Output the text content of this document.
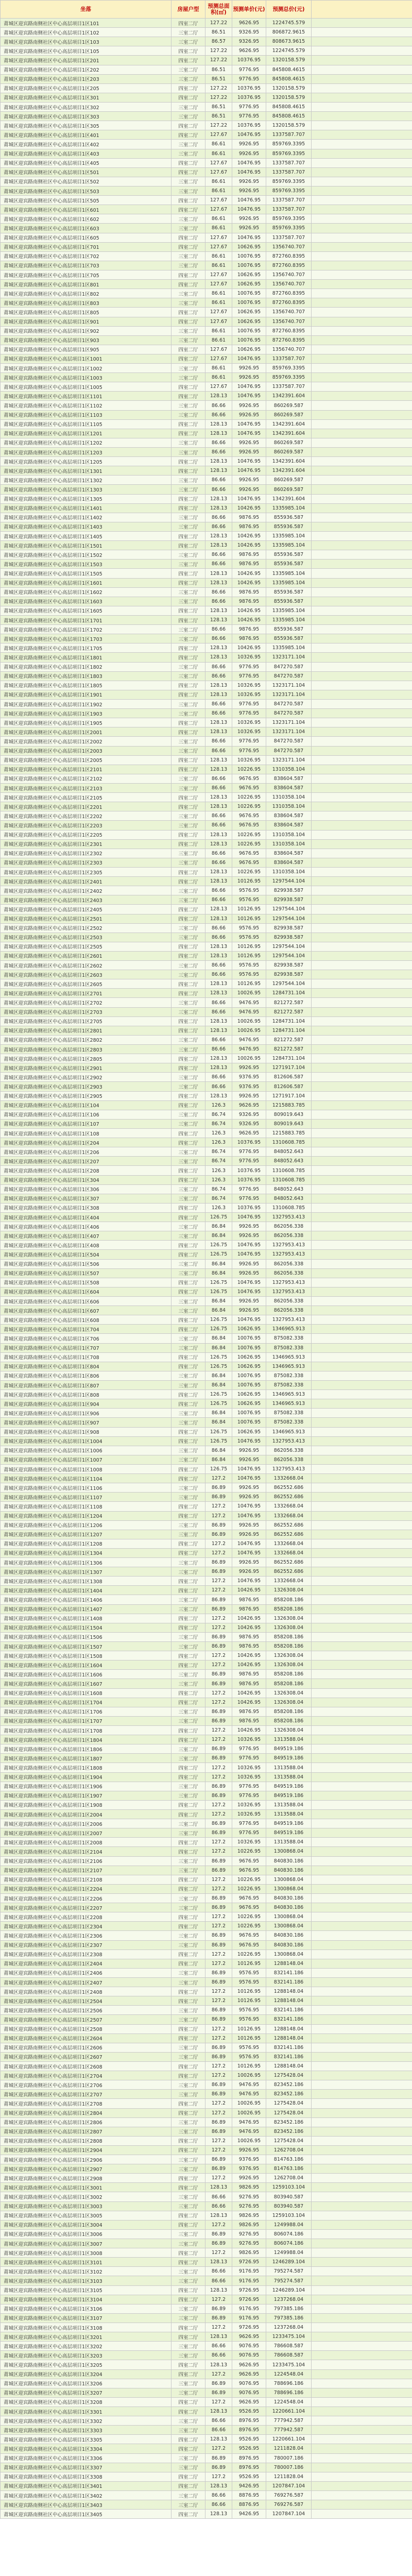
坐落	房屋户型	预测总面积(㎡)	预测单价(元)	预测总价(元)	
莆城区迎宾路南侧社区中心高层项目1区101	四室二厅	127.22	9626.95	1224745.579	
莆城区迎宾路南侧社区中心高层项目1区102	三室二厅	86.51	9326.95	806872.9615	
莆城区迎宾路南侧社区中心高层项目1区103	三室二厅	86.57	9326.95	808673.9615	
莆城区迎宾路南侧社区中心高层项目1区105	四室二厅	127.22	9626.95	1224745.579	
莆城区迎宾路南侧社区中心高层项目1区201	四室二厅	127.22	10376.95	1320158.579	
莆城区迎宾路南侧社区中心高层项目1区202	三室二厅	86.51	9776.95	845808.4615	
莆城区迎宾路南侧社区中心高层项目1区203	三室二厅	86.51	9776.95	845808.4615	
莆城区迎宾路南侧社区中心高层项目1区205	四室二厅	127.22	10376.95	1320158.579	
莆城区迎宾路南侧社区中心高层项目1区301	四室二厅	127.22	10376.95	1320158.579	
莆城区迎宾路南侧社区中心高层项目1区302	三室二厅	86.51	9776.95	845808.4615	
莆城区迎宾路南侧社区中心高层项目1区303	三室二厅	86.51	9776.95	845808.4615	
莆城区迎宾路南侧社区中心高层项目1区305	四室二厅	127.22	10376.95	1320158.579	
莆城区迎宾路南侧社区中心高层项目1区401	四室二厅	127.67	10476.95	1337587.707	
莆城区迎宾路南侧社区中心高层项目1区402	三室二厅	86.61	9926.95	859769.3395	
莆城区迎宾路南侧社区中心高层项目1区403	三室二厅	86.61	9926.95	859769.3395	
莆城区迎宾路南侧社区中心高层项目1区405	四室二厅	127.67	10476.95	1337587.707	
莆城区迎宾路南侧社区中心高层项目1区501	四室二厅	127.67	10476.95	1337587.707	
莆城区迎宾路南侧社区中心高层项目1区502	三室二厅	86.61	9926.95	859769.3395	
莆城区迎宾路南侧社区中心高层项目1区503	三室二厅	86.61	9926.95	859769.3395	
莆城区迎宾路南侧社区中心高层项目1区505	四室二厅	127.67	10476.95	1337587.707	
莆城区迎宾路南侧社区中心高层项目1区601	四室二厅	127.67	10476.95	1337587.707	
莆城区迎宾路南侧社区中心高层项目1区602	三室二厅	86.61	9926.95	859769.3395	
莆城区迎宾路南侧社区中心高层项目1区603	三室二厅	86.61	9926.95	859769.3395	
莆城区迎宾路南侧社区中心高层项目1区605	四室二厅	127.67	10476.95	1337587.707	
莆城区迎宾路南侧社区中心高层项目1区701	四室二厅	127.67	10626.95	1356740.707	
莆城区迎宾路南侧社区中心高层项目1区702	三室二厅	86.61	10076.95	872760.8395	
莆城区迎宾路南侧社区中心高层项目1区703	三室二厅	86.61	10076.95	872760.8395	
莆城区迎宾路南侧社区中心高层项目1区705	四室二厅	127.67	10626.95	1356740.707	
莆城区迎宾路南侧社区中心高层项目1区801	四室二厅	127.67	10626.95	1356740.707	
莆城区迎宾路南侧社区中心高层项目1区802	三室二厅	86.61	10076.95	872760.8395	
莆城区迎宾路南侧社区中心高层项目1区803	三室二厅	86.61	10076.95	872760.8395	
莆城区迎宾路南侧社区中心高层项目1区805	四室二厅	127.67	10626.95	1356740.707	
莆城区迎宾路南侧社区中心高层项目1区901	四室二厅	127.67	10626.95	1356740.707	
莆城区迎宾路南侧社区中心高层项目1区902	三室二厅	86.61	10076.95	872760.8395	
莆城区迎宾路南侧社区中心高层项目1区903	三室二厅	86.61	10076.95	872760.8395	
莆城区迎宾路南侧社区中心高层项目1区905	四室二厅	127.67	10626.95	1356740.707	
莆城区迎宾路南侧社区中心高层项目1区1001	四室二厅	127.67	10476.95	1337587.707	
莆城区迎宾路南侧社区中心高层项目1区1002	三室二厅	86.61	9926.95	859769.3395	
莆城区迎宾路南侧社区中心高层项目1区1003	三室二厅	86.61	9926.95	859769.3395	
莆城区迎宾路南侧社区中心高层项目1区1005	四室二厅	127.67	10476.95	1337587.707	
莆城区迎宾路南侧社区中心高层项目1区1101	四室二厅	128.13	10476.95	1342391.604	
莆城区迎宾路南侧社区中心高层项目1区1102	三室二厅	86.66	9926.95	860269.587	
莆城区迎宾路南侧社区中心高层项目1区1103	三室二厅	86.66	9926.95	860269.587	
莆城区迎宾路南侧社区中心高层项目1区1105	四室二厅	128.13	10476.95	1342391.604	
莆城区迎宾路南侧社区中心高层项目1区1201	四室二厅	128.13	10476.95	1342391.604	
莆城区迎宾路南侧社区中心高层项目1区1202	三室二厅	86.66	9926.95	860269.587	
莆城区迎宾路南侧社区中心高层项目1区1203	三室二厅	86.66	9926.95	860269.587	
莆城区迎宾路南侧社区中心高层项目1区1205	四室二厅	128.13	10476.95	1342391.604	
莆城区迎宾路南侧社区中心高层项目1区1301	四室二厅	128.13	10476.95	1342391.604	
莆城区迎宾路南侧社区中心高层项目1区1302	三室二厅	86.66	9926.95	860269.587	
莆城区迎宾路南侧社区中心高层项目1区1303	三室二厅	86.66	9926.95	860269.587	
莆城区迎宾路南侧社区中心高层项目1区1305	四室二厅	128.13	10476.95	1342391.604	
莆城区迎宾路南侧社区中心高层项目1区1401	四室二厅	128.13	10426.95	1335985.104	
莆城区迎宾路南侧社区中心高层项目1区1402	三室二厅	86.66	9876.95	855936.587	
莆城区迎宾路南侧社区中心高层项目1区1403	三室二厅	86.66	9876.95	855936.587	
莆城区迎宾路南侧社区中心高层项目1区1405	四室二厅	128.13	10426.95	1335985.104	
莆城区迎宾路南侧社区中心高层项目1区1501	四室二厅	128.13	10426.95	1335985.104	
莆城区迎宾路南侧社区中心高层项目1区1502	三室二厅	86.66	9876.95	855936.587	
莆城区迎宾路南侧社区中心高层项目1区1503	三室二厅	86.66	9876.95	855936.587	
莆城区迎宾路南侧社区中心高层项目1区1505	四室二厅	128.13	10426.95	1335985.104	
莆城区迎宾路南侧社区中心高层项目1区1601	四室二厅	128.13	10426.95	1335985.104	
莆城区迎宾路南侧社区中心高层项目1区1602	三室二厅	86.66	9876.95	855936.587	
莆城区迎宾路南侧社区中心高层项目1区1603	三室二厅	86.66	9876.95	855936.587	
莆城区迎宾路南侧社区中心高层项目1区1605	四室二厅	128.13	10426.95	1335985.104	
莆城区迎宾路南侧社区中心高层项目1区1701	四室二厅	128.13	10426.95	1335985.104	
莆城区迎宾路南侧社区中心高层项目1区1702	三室二厅	86.66	9876.95	855936.587	
莆城区迎宾路南侧社区中心高层项目1区1703	三室二厅	86.66	9876.95	855936.587	
莆城区迎宾路南侧社区中心高层项目1区1705	四室二厅	128.13	10426.95	1335985.104	
莆城区迎宾路南侧社区中心高层项目1区1801	四室二厅	128.13	10326.95	1323171.104	
莆城区迎宾路南侧社区中心高层项目1区1802	三室二厅	86.66	9776.95	847270.587	
莆城区迎宾路南侧社区中心高层项目1区1803	三室二厅	86.66	9776.95	847270.587	
莆城区迎宾路南侧社区中心高层项目1区1805	四室二厅	128.13	10326.95	1323171.104	
莆城区迎宾路南侧社区中心高层项目1区1901	四室二厅	128.13	10326.95	1323171.104	
莆城区迎宾路南侧社区中心高层项目1区1902	三室二厅	86.66	9776.95	847270.587	
莆城区迎宾路南侧社区中心高层项目1区1903	三室二厅	86.66	9776.95	847270.587	
莆城区迎宾路南侧社区中心高层项目1区1905	四室二厅	128.13	10326.95	1323171.104	
莆城区迎宾路南侧社区中心高层项目1区2001	四室二厅	128.13	10326.95	1323171.104	
莆城区迎宾路南侧社区中心高层项目1区2002	三室二厅	86.66	9776.95	847270.587	
莆城区迎宾路南侧社区中心高层项目1区2003	三室二厅	86.66	9776.95	847270.587	
莆城区迎宾路南侧社区中心高层项目1区2005	四室二厅	128.13	10326.95	1323171.104	
莆城区迎宾路南侧社区中心高层项目1区2101	四室二厅	128.13	10226.95	1310358.104	
莆城区迎宾路南侧社区中心高层项目1区2102	三室二厅	86.66	9676.95	838604.587	
莆城区迎宾路南侧社区中心高层项目1区2103	三室二厅	86.66	9676.95	838604.587	
莆城区迎宾路南侧社区中心高层项目1区2105	四室二厅	128.13	10226.95	1310358.104	
莆城区迎宾路南侧社区中心高层项目1区2201	四室二厅	128.13	10226.95	1310358.104	
莆城区迎宾路南侧社区中心高层项目1区2202	三室二厅	86.66	9676.95	838604.587	
莆城区迎宾路南侧社区中心高层项目1区2203	三室二厅	86.66	9676.95	838604.587	
莆城区迎宾路南侧社区中心高层项目1区2205	四室二厅	128.13	10226.95	1310358.104	
莆城区迎宾路南侧社区中心高层项目1区2301	四室二厅	128.13	10226.95	1310358.104	
莆城区迎宾路南侧社区中心高层项目1区2302	三室二厅	86.66	9676.95	838604.587	
莆城区迎宾路南侧社区中心高层项目1区2303	三室二厅	86.66	9676.95	838604.587	
莆城区迎宾路南侧社区中心高层项目1区2305	四室二厅	128.13	10226.95	1310358.104	
莆城区迎宾路南侧社区中心高层项目1区2401	四室二厅	128.13	10126.95	1297544.104	
莆城区迎宾路南侧社区中心高层项目1区2402	三室二厅	86.66	9576.95	829938.587	
莆城区迎宾路南侧社区中心高层项目1区2403	三室二厅	86.66	9576.95	829938.587	
莆城区迎宾路南侧社区中心高层项目1区2405	四室二厅	128.13	10126.95	1297544.104	
莆城区迎宾路南侧社区中心高层项目1区2501	四室二厅	128.13	10126.95	1297544.104	
莆城区迎宾路南侧社区中心高层项目1区2502	三室二厅	86.66	9576.95	829938.587	
莆城区迎宾路南侧社区中心高层项目1区2503	三室二厅	86.66	9576.95	829938.587	
莆城区迎宾路南侧社区中心高层项目1区2505	四室二厅	128.13	10126.95	1297544.104	
莆城区迎宾路南侧社区中心高层项目1区2601	四室二厅	128.13	10126.95	1297544.104	
莆城区迎宾路南侧社区中心高层项目1区2602	三室二厅	86.66	9576.95	829938.587	
莆城区迎宾路南侧社区中心高层项目1区2603	三室二厅	86.66	9576.95	829938.587	
莆城区迎宾路南侧社区中心高层项目1区2605	四室二厅	128.13	10126.95	1297544.104	
莆城区迎宾路南侧社区中心高层项目1区2701	四室二厅	128.13	10026.95	1284731.104	
莆城区迎宾路南侧社区中心高层项目1区2702	三室二厅	86.66	9476.95	821272.587	
莆城区迎宾路南侧社区中心高层项目1区2703	三室二厅	86.66	9476.95	821272.587	
莆城区迎宾路南侧社区中心高层项目1区2705	四室二厅	128.13	10026.95	1284731.104	
莆城区迎宾路南侧社区中心高层项目1区2801	四室二厅	128.13	10026.95	1284731.104	
莆城区迎宾路南侧社区中心高层项目1区2802	三室二厅	86.66	9476.95	821272.587	
莆城区迎宾路南侧社区中心高层项目1区2803	三室二厅	86.66	9476.95	821272.587	
莆城区迎宾路南侧社区中心高层项目1区2805	四室二厅	128.13	10026.95	1284731.104	
莆城区迎宾路南侧社区中心高层项目1区2901	四室二厅	128.13	9926.95	1271917.104	
莆城区迎宾路南侧社区中心高层项目1区2902	三室二厅	86.66	9376.95	812606.587	
莆城区迎宾路南侧社区中心高层项目1区2903	三室二厅	86.66	9376.95	812606.587	
莆城区迎宾路南侧社区中心高层项目1区2905	四室二厅	128.13	9926.95	1271917.104	
莆城区迎宾路南侧社区中心高层项目1区104	四室二厅	126.3	9626.95	1215883.785	
莆城区迎宾路南侧社区中心高层项目1区106	三室二厅	86.74	9326.95	809019.643	
莆城区迎宾路南侧社区中心高层项目1区107	三室二厅	86.74	9326.95	809019.643	
莆城区迎宾路南侧社区中心高层项目1区108	四室二厅	126.3	9626.95	1215883.785	
莆城区迎宾路南侧社区中心高层项目1区204	四室二厅	126.3	10376.95	1310608.785	
莆城区迎宾路南侧社区中心高层项目1区206	三室二厅	86.74	9776.95	848052.643	
莆城区迎宾路南侧社区中心高层项目1区207	三室二厅	86.74	9776.95	848052.643	
莆城区迎宾路南侧社区中心高层项目1区208	四室二厅	126.3	10376.95	1310608.785	
莆城区迎宾路南侧社区中心高层项目1区304	四室二厅	126.3	10376.95	1310608.785	
莆城区迎宾路南侧社区中心高层项目1区306	三室二厅	86.74	9776.95	848052.643	
莆城区迎宾路南侧社区中心高层项目1区307	三室二厅	86.74	9776.95	848052.643	
莆城区迎宾路南侧社区中心高层项目1区308	四室二厅	126.3	10376.95	1310608.785	
莆城区迎宾路南侧社区中心高层项目1区404	四室二厅	126.75	10476.95	1327953.413	
莆城区迎宾路南侧社区中心高层项目1区406	三室二厅	86.84	9926.95	862056.338	
莆城区迎宾路南侧社区中心高层项目1区407	三室二厅	86.84	9926.95	862056.338	
莆城区迎宾路南侧社区中心高层项目1区408	四室二厅	126.75	10476.95	1327953.413	
莆城区迎宾路南侧社区中心高层项目1区504	四室二厅	126.75	10476.95	1327953.413	
莆城区迎宾路南侧社区中心高层项目1区506	三室二厅	86.84	9926.95	862056.338	
莆城区迎宾路南侧社区中心高层项目1区507	三室二厅	86.84	9926.95	862056.338	
莆城区迎宾路南侧社区中心高层项目1区508	四室二厅	126.75	10476.95	1327953.413	
莆城区迎宾路南侧社区中心高层项目1区604	四室二厅	126.75	10476.95	1327953.413	
莆城区迎宾路南侧社区中心高层项目1区606	三室二厅	86.84	9926.95	862056.338	
莆城区迎宾路南侧社区中心高层项目1区607	三室二厅	86.84	9926.95	862056.338	
莆城区迎宾路南侧社区中心高层项目1区608	四室二厅	126.75	10476.95	1327953.413	
莆城区迎宾路南侧社区中心高层项目1区704	四室二厅	126.75	10626.95	1346965.913	
莆城区迎宾路南侧社区中心高层项目1区706	三室二厅	86.84	10076.95	875082.338	
莆城区迎宾路南侧社区中心高层项目1区707	三室二厅	86.84	10076.95	875082.338	
莆城区迎宾路南侧社区中心高层项目1区708	四室二厅	126.75	10626.95	1346965.913	
莆城区迎宾路南侧社区中心高层项目1区804	四室二厅	126.75	10626.95	1346965.913	
莆城区迎宾路南侧社区中心高层项目1区806	三室二厅	86.84	10076.95	875082.338	
莆城区迎宾路南侧社区中心高层项目1区807	三室二厅	86.84	10076.95	875082.338	
莆城区迎宾路南侧社区中心高层项目1区808	四室二厅	126.75	10626.95	1346965.913	
莆城区迎宾路南侧社区中心高层项目1区904	四室二厅	126.75	10626.95	1346965.913	
莆城区迎宾路南侧社区中心高层项目1区906	三室二厅	86.84	10076.95	875082.338	
莆城区迎宾路南侧社区中心高层项目1区907	三室二厅	86.84	10076.95	875082.338	
莆城区迎宾路南侧社区中心高层项目1区908	四室二厅	126.75	10626.95	1346965.913	
莆城区迎宾路南侧社区中心高层项目1区1004	四室二厅	126.75	10476.95	1327953.413	
莆城区迎宾路南侧社区中心高层项目1区1006	三室二厅	86.84	9926.95	862056.338	
莆城区迎宾路南侧社区中心高层项目1区1007	三室二厅	86.84	9926.95	862056.338	
莆城区迎宾路南侧社区中心高层项目1区1008	四室二厅	126.75	10476.95	1327953.413	
莆城区迎宾路南侧社区中心高层项目1区1104	四室二厅	127.2	10476.95	1332668.04	
莆城区迎宾路南侧社区中心高层项目1区1106	三室二厅	86.89	9926.95	862552.686	
莆城区迎宾路南侧社区中心高层项目1区1107	三室二厅	86.89	9926.95	862552.686	
莆城区迎宾路南侧社区中心高层项目1区1108	四室二厅	127.2	10476.95	1332668.04	
莆城区迎宾路南侧社区中心高层项目1区1204	四室二厅	127.2	10476.95	1332668.04	
莆城区迎宾路南侧社区中心高层项目1区1206	三室二厅	86.89	9926.95	862552.686	
莆城区迎宾路南侧社区中心高层项目1区1207	三室二厅	86.89	9926.95	862552.686	
莆城区迎宾路南侧社区中心高层项目1区1208	四室二厅	127.2	10476.95	1332668.04	
莆城区迎宾路南侧社区中心高层项目1区1304	四室二厅	127.2	10476.95	1332668.04	
莆城区迎宾路南侧社区中心高层项目1区1306	三室二厅	86.89	9926.95	862552.686	
莆城区迎宾路南侧社区中心高层项目1区1307	三室二厅	86.89	9926.95	862552.686	
莆城区迎宾路南侧社区中心高层项目1区1308	四室二厅	127.2	10476.95	1332668.04	
莆城区迎宾路南侧社区中心高层项目1区1404	四室二厅	127.2	10426.95	1326308.04	
莆城区迎宾路南侧社区中心高层项目1区1406	三室二厅	86.89	9876.95	858208.186	
莆城区迎宾路南侧社区中心高层项目1区1407	三室二厅	86.89	9876.95	858208.186	
莆城区迎宾路南侧社区中心高层项目1区1408	四室二厅	127.2	10426.95	1326308.04	
莆城区迎宾路南侧社区中心高层项目1区1504	四室二厅	127.2	10426.95	1326308.04	
莆城区迎宾路南侧社区中心高层项目1区1506	三室二厅	86.89	9876.95	858208.186	
莆城区迎宾路南侧社区中心高层项目1区1507	三室二厅	86.89	9876.95	858208.186	
莆城区迎宾路南侧社区中心高层项目1区1508	四室二厅	127.2	10426.95	1326308.04	
莆城区迎宾路南侧社区中心高层项目1区1604	四室二厅	127.2	10426.95	1326308.04	
莆城区迎宾路南侧社区中心高层项目1区1606	三室二厅	86.89	9876.95	858208.186	
莆城区迎宾路南侧社区中心高层项目1区1607	三室二厅	86.89	9876.95	858208.186	
莆城区迎宾路南侧社区中心高层项目1区1608	四室二厅	127.2	10426.95	1326308.04	
莆城区迎宾路南侧社区中心高层项目1区1704	四室二厅	127.2	10426.95	1326308.04	
莆城区迎宾路南侧社区中心高层项目1区1706	三室二厅	86.89	9876.95	858208.186	
莆城区迎宾路南侧社区中心高层项目1区1707	三室二厅	86.89	9876.95	858208.186	
莆城区迎宾路南侧社区中心高层项目1区1708	四室二厅	127.2	10426.95	1326308.04	
莆城区迎宾路南侧社区中心高层项目1区1804	四室二厅	127.2	10326.95	1313588.04	
莆城区迎宾路南侧社区中心高层项目1区1806	三室二厅	86.89	9776.95	849519.186	
莆城区迎宾路南侧社区中心高层项目1区1807	三室二厅	86.89	9776.95	849519.186	
莆城区迎宾路南侧社区中心高层项目1区1808	四室二厅	127.2	10326.95	1313588.04	
莆城区迎宾路南侧社区中心高层项目1区1904	四室二厅	127.2	10326.95	1313588.04	
莆城区迎宾路南侧社区中心高层项目1区1906	三室二厅	86.89	9776.95	849519.186	
莆城区迎宾路南侧社区中心高层项目1区1907	三室二厅	86.89	9776.95	849519.186	
莆城区迎宾路南侧社区中心高层项目1区1908	四室二厅	127.2	10326.95	1313588.04	
莆城区迎宾路南侧社区中心高层项目1区2004	四室二厅	127.2	10326.95	1313588.04	
莆城区迎宾路南侧社区中心高层项目1区2006	三室二厅	86.89	9776.95	849519.186	
莆城区迎宾路南侧社区中心高层项目1区2007	三室二厅	86.89	9776.95	849519.186	
莆城区迎宾路南侧社区中心高层项目1区2008	四室二厅	127.2	10326.95	1313588.04	
莆城区迎宾路南侧社区中心高层项目1区2104	四室二厅	127.2	10226.95	1300868.04	
莆城区迎宾路南侧社区中心高层项目1区2106	三室二厅	86.89	9676.95	840830.186	
莆城区迎宾路南侧社区中心高层项目1区2107	三室二厅	86.89	9676.95	840830.186	
莆城区迎宾路南侧社区中心高层项目1区2108	四室二厅	127.2	10226.95	1300868.04	
莆城区迎宾路南侧社区中心高层项目1区2204	四室二厅	127.2	10226.95	1300868.04	
莆城区迎宾路南侧社区中心高层项目1区2206	三室二厅	86.89	9676.95	840830.186	
莆城区迎宾路南侧社区中心高层项目1区2207	三室二厅	86.89	9676.95	840830.186	
莆城区迎宾路南侧社区中心高层项目1区2208	四室二厅	127.2	10226.95	1300868.04	
莆城区迎宾路南侧社区中心高层项目1区2304	四室二厅	127.2	10226.95	1300868.04	
莆城区迎宾路南侧社区中心高层项目1区2306	三室二厅	86.89	9676.95	840830.186	
莆城区迎宾路南侧社区中心高层项目1区2307	三室二厅	86.89	9676.95	840830.186	
莆城区迎宾路南侧社区中心高层项目1区2308	四室二厅	127.2	10226.95	1300868.04	
莆城区迎宾路南侧社区中心高层项目1区2404	四室二厅	127.2	10126.95	1288148.04	
莆城区迎宾路南侧社区中心高层项目1区2406	三室二厅	86.89	9576.95	832141.186	
莆城区迎宾路南侧社区中心高层项目1区2407	三室二厅	86.89	9576.95	832141.186	
莆城区迎宾路南侧社区中心高层项目1区2408	四室二厅	127.2	10126.95	1288148.04	
莆城区迎宾路南侧社区中心高层项目1区2504	四室二厅	127.2	10126.95	1288148.04	
莆城区迎宾路南侧社区中心高层项目1区2506	三室二厅	86.89	9576.95	832141.186	
莆城区迎宾路南侧社区中心高层项目1区2507	三室二厅	86.89	9576.95	832141.186	
莆城区迎宾路南侧社区中心高层项目1区2508	四室二厅	127.2	10126.95	1288148.04	
莆城区迎宾路南侧社区中心高层项目1区2604	四室二厅	127.2	10126.95	1288148.04	
莆城区迎宾路南侧社区中心高层项目1区2606	三室二厅	86.89	9576.95	832141.186	
莆城区迎宾路南侧社区中心高层项目1区2607	三室二厅	86.89	9576.95	832141.186	
莆城区迎宾路南侧社区中心高层项目1区2608	四室二厅	127.2	10126.95	1288148.04	
莆城区迎宾路南侧社区中心高层项目1区2704	四室二厅	127.2	10026.95	1275428.04	
莆城区迎宾路南侧社区中心高层项目1区2706	三室二厅	86.89	9476.95	823452.186	
莆城区迎宾路南侧社区中心高层项目1区2707	三室二厅	86.89	9476.95	823452.186	
莆城区迎宾路南侧社区中心高层项目1区2708	四室二厅	127.2	10026.95	1275428.04	
莆城区迎宾路南侧社区中心高层项目1区2804	四室二厅	127.2	10026.95	1275428.04	
莆城区迎宾路南侧社区中心高层项目1区2806	三室二厅	86.89	9476.95	823452.186	
莆城区迎宾路南侧社区中心高层项目1区2807	三室二厅	86.89	9476.95	823452.186	
莆城区迎宾路南侧社区中心高层项目1区2808	四室二厅	127.2	10026.95	1275428.04	
莆城区迎宾路南侧社区中心高层项目1区2904	四室二厅	127.2	9926.95	1262708.04	
莆城区迎宾路南侧社区中心高层项目1区2906	三室二厅	86.89	9376.95	814763.186	
莆城区迎宾路南侧社区中心高层项目1区2907	三室二厅	86.89	9376.95	814763.186	
莆城区迎宾路南侧社区中心高层项目1区2908	四室二厅	127.2	9926.95	1262708.04	
莆城区迎宾路南侧社区中心高层项目1区3001	四室二厅	128.13	9826.95	1259103.104	
莆城区迎宾路南侧社区中心高层项目1区3002	三室二厅	86.66	9276.95	803940.587	
莆城区迎宾路南侧社区中心高层项目1区3003	三室二厅	86.66	9276.95	803940.587	
莆城区迎宾路南侧社区中心高层项目1区3005	四室二厅	128.13	9826.95	1259103.104	
莆城区迎宾路南侧社区中心高层项目1区3004	四室二厅	127.2	9826.95	1249988.04	
莆城区迎宾路南侧社区中心高层项目1区3006	三室二厅	86.89	9276.95	806074.186	
莆城区迎宾路南侧社区中心高层项目1区3007	三室二厅	86.89	9276.95	806074.186	
莆城区迎宾路南侧社区中心高层项目1区3008	四室二厅	127.2	9826.95	1249988.04	
莆城区迎宾路南侧社区中心高层项目1区3101	四室二厅	128.13	9726.95	1246289.104	
莆城区迎宾路南侧社区中心高层项目1区3102	三室二厅	86.66	9176.95	795274.587	
莆城区迎宾路南侧社区中心高层项目1区3103	三室二厅	86.66	9176.95	795274.587	
莆城区迎宾路南侧社区中心高层项目1区3105	四室二厅	128.13	9726.95	1246289.104	
莆城区迎宾路南侧社区中心高层项目1区3104	四室二厅	127.2	9726.95	1237268.04	
莆城区迎宾路南侧社区中心高层项目1区3106	三室二厅	86.89	9176.95	797385.186	
莆城区迎宾路南侧社区中心高层项目1区3107	三室二厅	86.89	9176.95	797385.186	
莆城区迎宾路南侧社区中心高层项目1区3108	四室二厅	127.2	9726.95	1237268.04	
莆城区迎宾路南侧社区中心高层项目1区3201	四室二厅	128.13	9626.95	1233475.104	
莆城区迎宾路南侧社区中心高层项目1区3202	三室二厅	86.66	9076.95	786608.587	
莆城区迎宾路南侧社区中心高层项目1区3203	三室二厅	86.66	9076.95	786608.587	
莆城区迎宾路南侧社区中心高层项目1区3205	四室二厅	128.13	9626.95	1233475.104	
莆城区迎宾路南侧社区中心高层项目1区3204	四室二厅	127.2	9626.95	1224548.04	
莆城区迎宾路南侧社区中心高层项目1区3206	三室二厅	86.89	9076.95	788696.186	
莆城区迎宾路南侧社区中心高层项目1区3207	三室二厅	86.89	9076.95	788696.186	
莆城区迎宾路南侧社区中心高层项目1区3208	四室二厅	127.2	9626.95	1224548.04	
莆城区迎宾路南侧社区中心高层项目1区3301	四室二厅	128.13	9526.95	1220661.104	
莆城区迎宾路南侧社区中心高层项目1区3302	三室二厅	86.66	8976.95	777942.587	
莆城区迎宾路南侧社区中心高层项目1区3303	三室二厅	86.66	8976.95	777942.587	
莆城区迎宾路南侧社区中心高层项目1区3305	四室二厅	128.13	9526.95	1220661.104	
莆城区迎宾路南侧社区中心高层项目1区3304	四室二厅	127.2	9526.95	1211828.04	
莆城区迎宾路南侧社区中心高层项目1区3306	三室二厅	86.89	8976.95	780007.186	
莆城区迎宾路南侧社区中心高层项目1区3307	三室二厅	86.89	8976.95	780007.186	
莆城区迎宾路南侧社区中心高层项目1区3308	四室二厅	127.2	9526.95	1211828.04	
莆城区迎宾路南侧社区中心高层项目1区3401	四室二厅	128.13	9426.95	1207847.104	
莆城区迎宾路南侧社区中心高层项目1区3402	三室二厅	86.66	8876.95	769276.587	
莆城区迎宾路南侧社区中心高层项目1区3403	三室二厅	86.66	8876.95	769276.587	
莆城区迎宾路南侧社区中心高层项目1区3405	四室二厅	128.13	9426.95	1207847.104	
